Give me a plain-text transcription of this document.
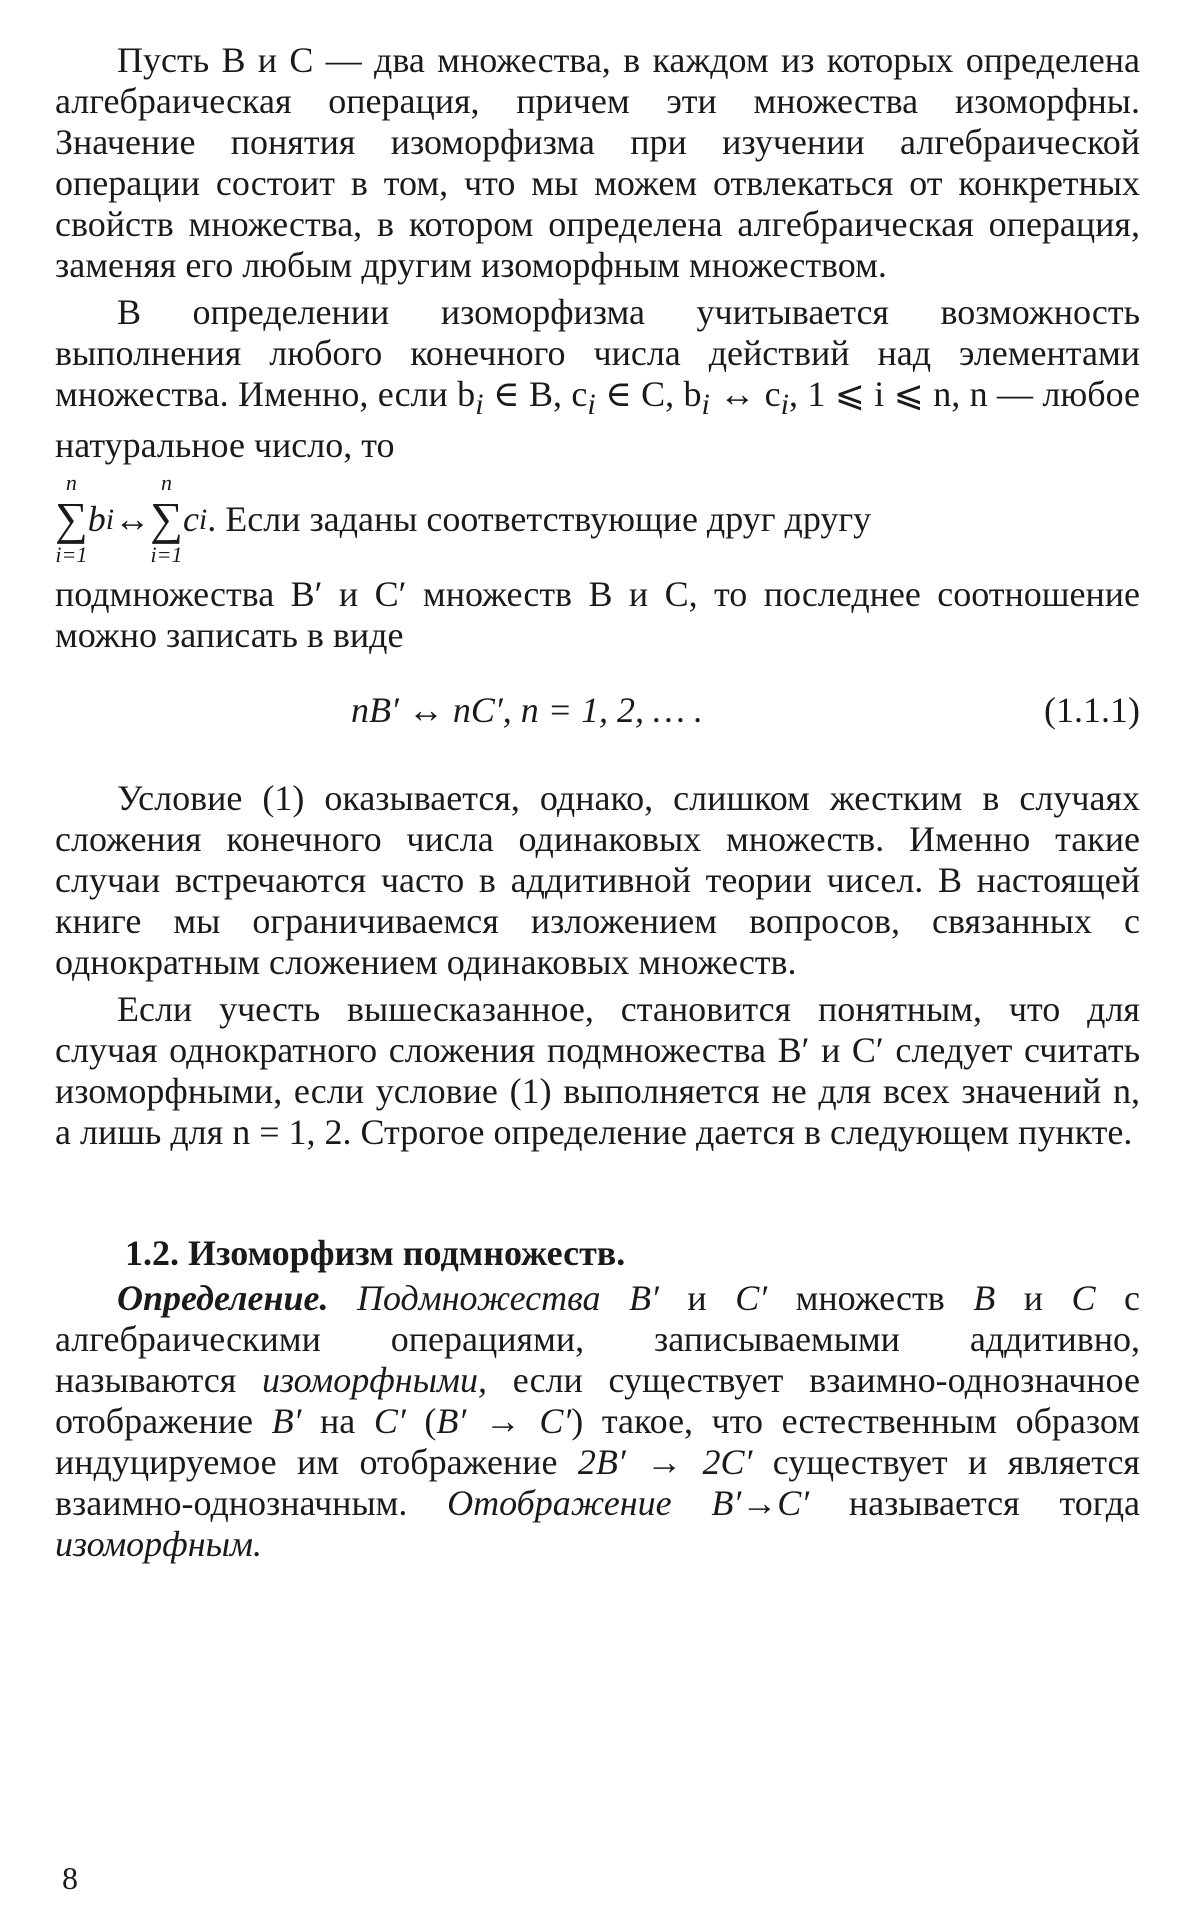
Пусть B и C — два множества, в каждом из которых определена алгебраическая операция, причем эти множества изоморфны. Значение понятия изоморфизма при изучении алгебраической операции состоит в том, что мы можем отвлекаться от конкретных свойств множества, в котором определена алгебраическая операция, заменяя его любым другим изоморфным множеством.

В определении изоморфизма учитывается возможность выполнения любого конечного числа действий над элементами множества. Именно, если $b_i$ ∈ B, $c_i$ ∈ C, $b_i$ ↔ $c_i$, 1 ⩽ i ⩽ n, n — любое натуральное число, то

n
∑
i=1
b i ↔
n
∑
i=1
c i . Если заданы соответствующие друг другу

подмножества B′ и C′ множеств B и C, то последнее соотношение можно записать в виде

nB′ ↔ nC′, n = 1, 2, … .	(1.1.1)

Условие (1) оказывается, однако, слишком жестким в случаях сложения конечного числа одинаковых множеств. Именно такие случаи встречаются часто в аддитивной теории чисел. В настоящей книге мы ограничиваемся изложением вопросов, связанных с однократным сложением одинаковых множеств.

Если учесть вышесказанное, становится понятным, что для случая однократного сложения подмножества B′ и C′ следует считать изоморфными, если условие (1) выполняется не для всех значений n, а лишь для n = 1, 2. Строгое определение дается в следующем пункте.

1.2. Изоморфизм подмножеств.

Определение. Подмножества B′ и C′ множеств B и C с алгебраическими операциями, записываемыми аддитивно, называются изоморфными, если существует взаимно-однозначное отображение B′ на C′ (B′ → C′) такое, что естественным образом индуцируемое им отображение 2B′ → 2C′ существует и является взаимно-однозначным. Отображение B′→C′ называется тогда изоморфным.

8
